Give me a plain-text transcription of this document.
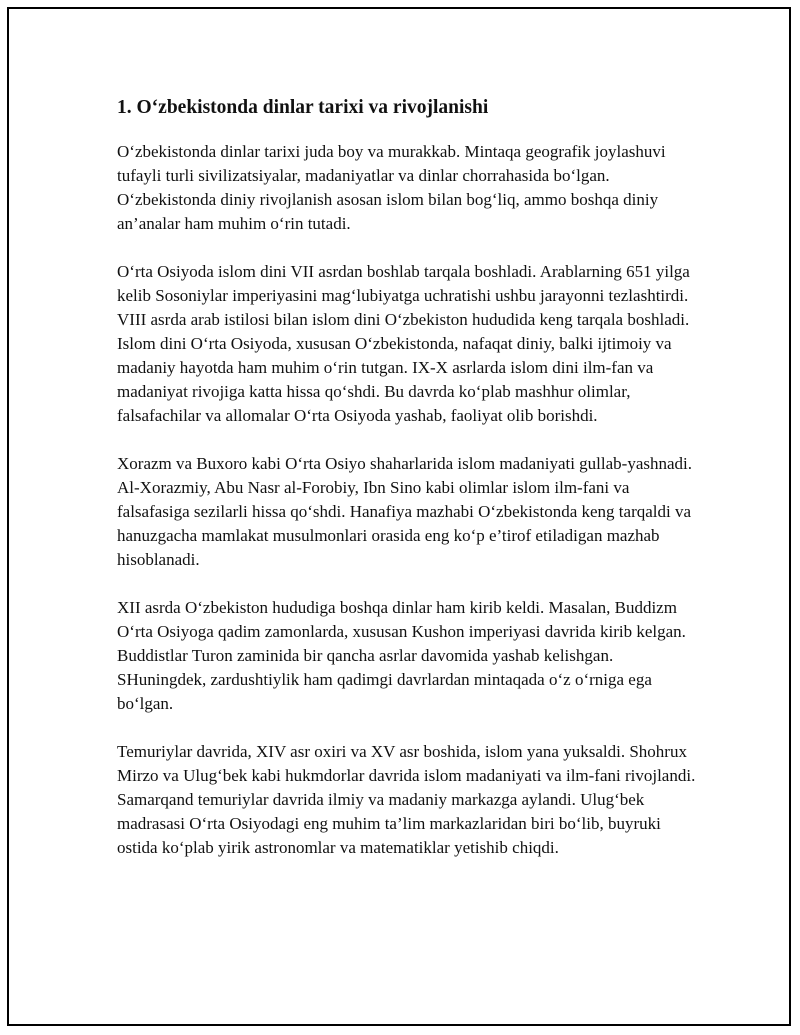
1. O‘zbekistonda dinlar tarixi va rivojlanishi

O‘zbekistonda dinlar tarixi juda boy va murakkab. Mintaqa geografik joylashuvi tufayli turli sivilizatsiyalar, madaniyatlar va dinlar chorrahasida bo‘lgan. O‘zbekistonda diniy rivojlanish asosan islom bilan bog‘liq, ammo boshqa diniy an’analar ham muhim o‘rin tutadi.

O‘rta Osiyoda islom dini VII asrdan boshlab tarqala boshladi. Arablarning 651 yilga kelib Sosoniylar imperiyasini mag‘lubiyatga uchratishi ushbu jarayonni tezlashtirdi. VIII asrda arab istilosi bilan islom dini O‘zbekiston hududida keng tarqala boshladi. Islom dini O‘rta Osiyoda, xususan O‘zbekistonda, nafaqat diniy, balki ijtimoiy va madaniy hayotda ham muhim o‘rin tutgan. IX-X asrlarda islom dini ilm-fan va madaniyat rivojiga katta hissa qo‘shdi. Bu davrda ko‘plab mashhur olimlar, falsafachilar va allomalar O‘rta Osiyoda yashab, faoliyat olib borishdi.

Xorazm va Buxoro kabi O‘rta Osiyo shaharlarida islom madaniyati gullab-yashnadi. Al-Xorazmiy, Abu Nasr al-Forobiy, Ibn Sino kabi olimlar islom ilm-fani va falsafasiga sezilarli hissa qo‘shdi. Hanafiya mazhabi O‘zbekistonda keng tarqaldi va hanuzgacha mamlakat musulmonlari orasida eng ko‘p e’tirof etiladigan mazhab hisoblanadi.

XII asrda O‘zbekiston hududiga boshqa dinlar ham kirib keldi. Masalan, Buddizm O‘rta Osiyoga qadim zamonlarda, xususan Kushon imperiyasi davrida kirib kelgan. Buddistlar Turon zaminida bir qancha asrlar davomida yashab kelishgan. SHuningdek, zardushtiylik ham qadimgi davrlardan mintaqada o‘z o‘rniga ega bo‘lgan.

Temuriylar davrida, XIV asr oxiri va XV asr boshida, islom yana yuksaldi. Shohrux Mirzo va Ulug‘bek kabi hukmdorlar davrida islom madaniyati va ilm-fani rivojlandi. Samarqand temuriylar davrida ilmiy va madaniy markazga aylandi. Ulug‘bek madrasasi O‘rta Osiyodagi eng muhim ta’lim markazlaridan biri bo‘lib, buyruki ostida ko‘plab yirik astronomlar va matematiklar yetishib chiqdi.
